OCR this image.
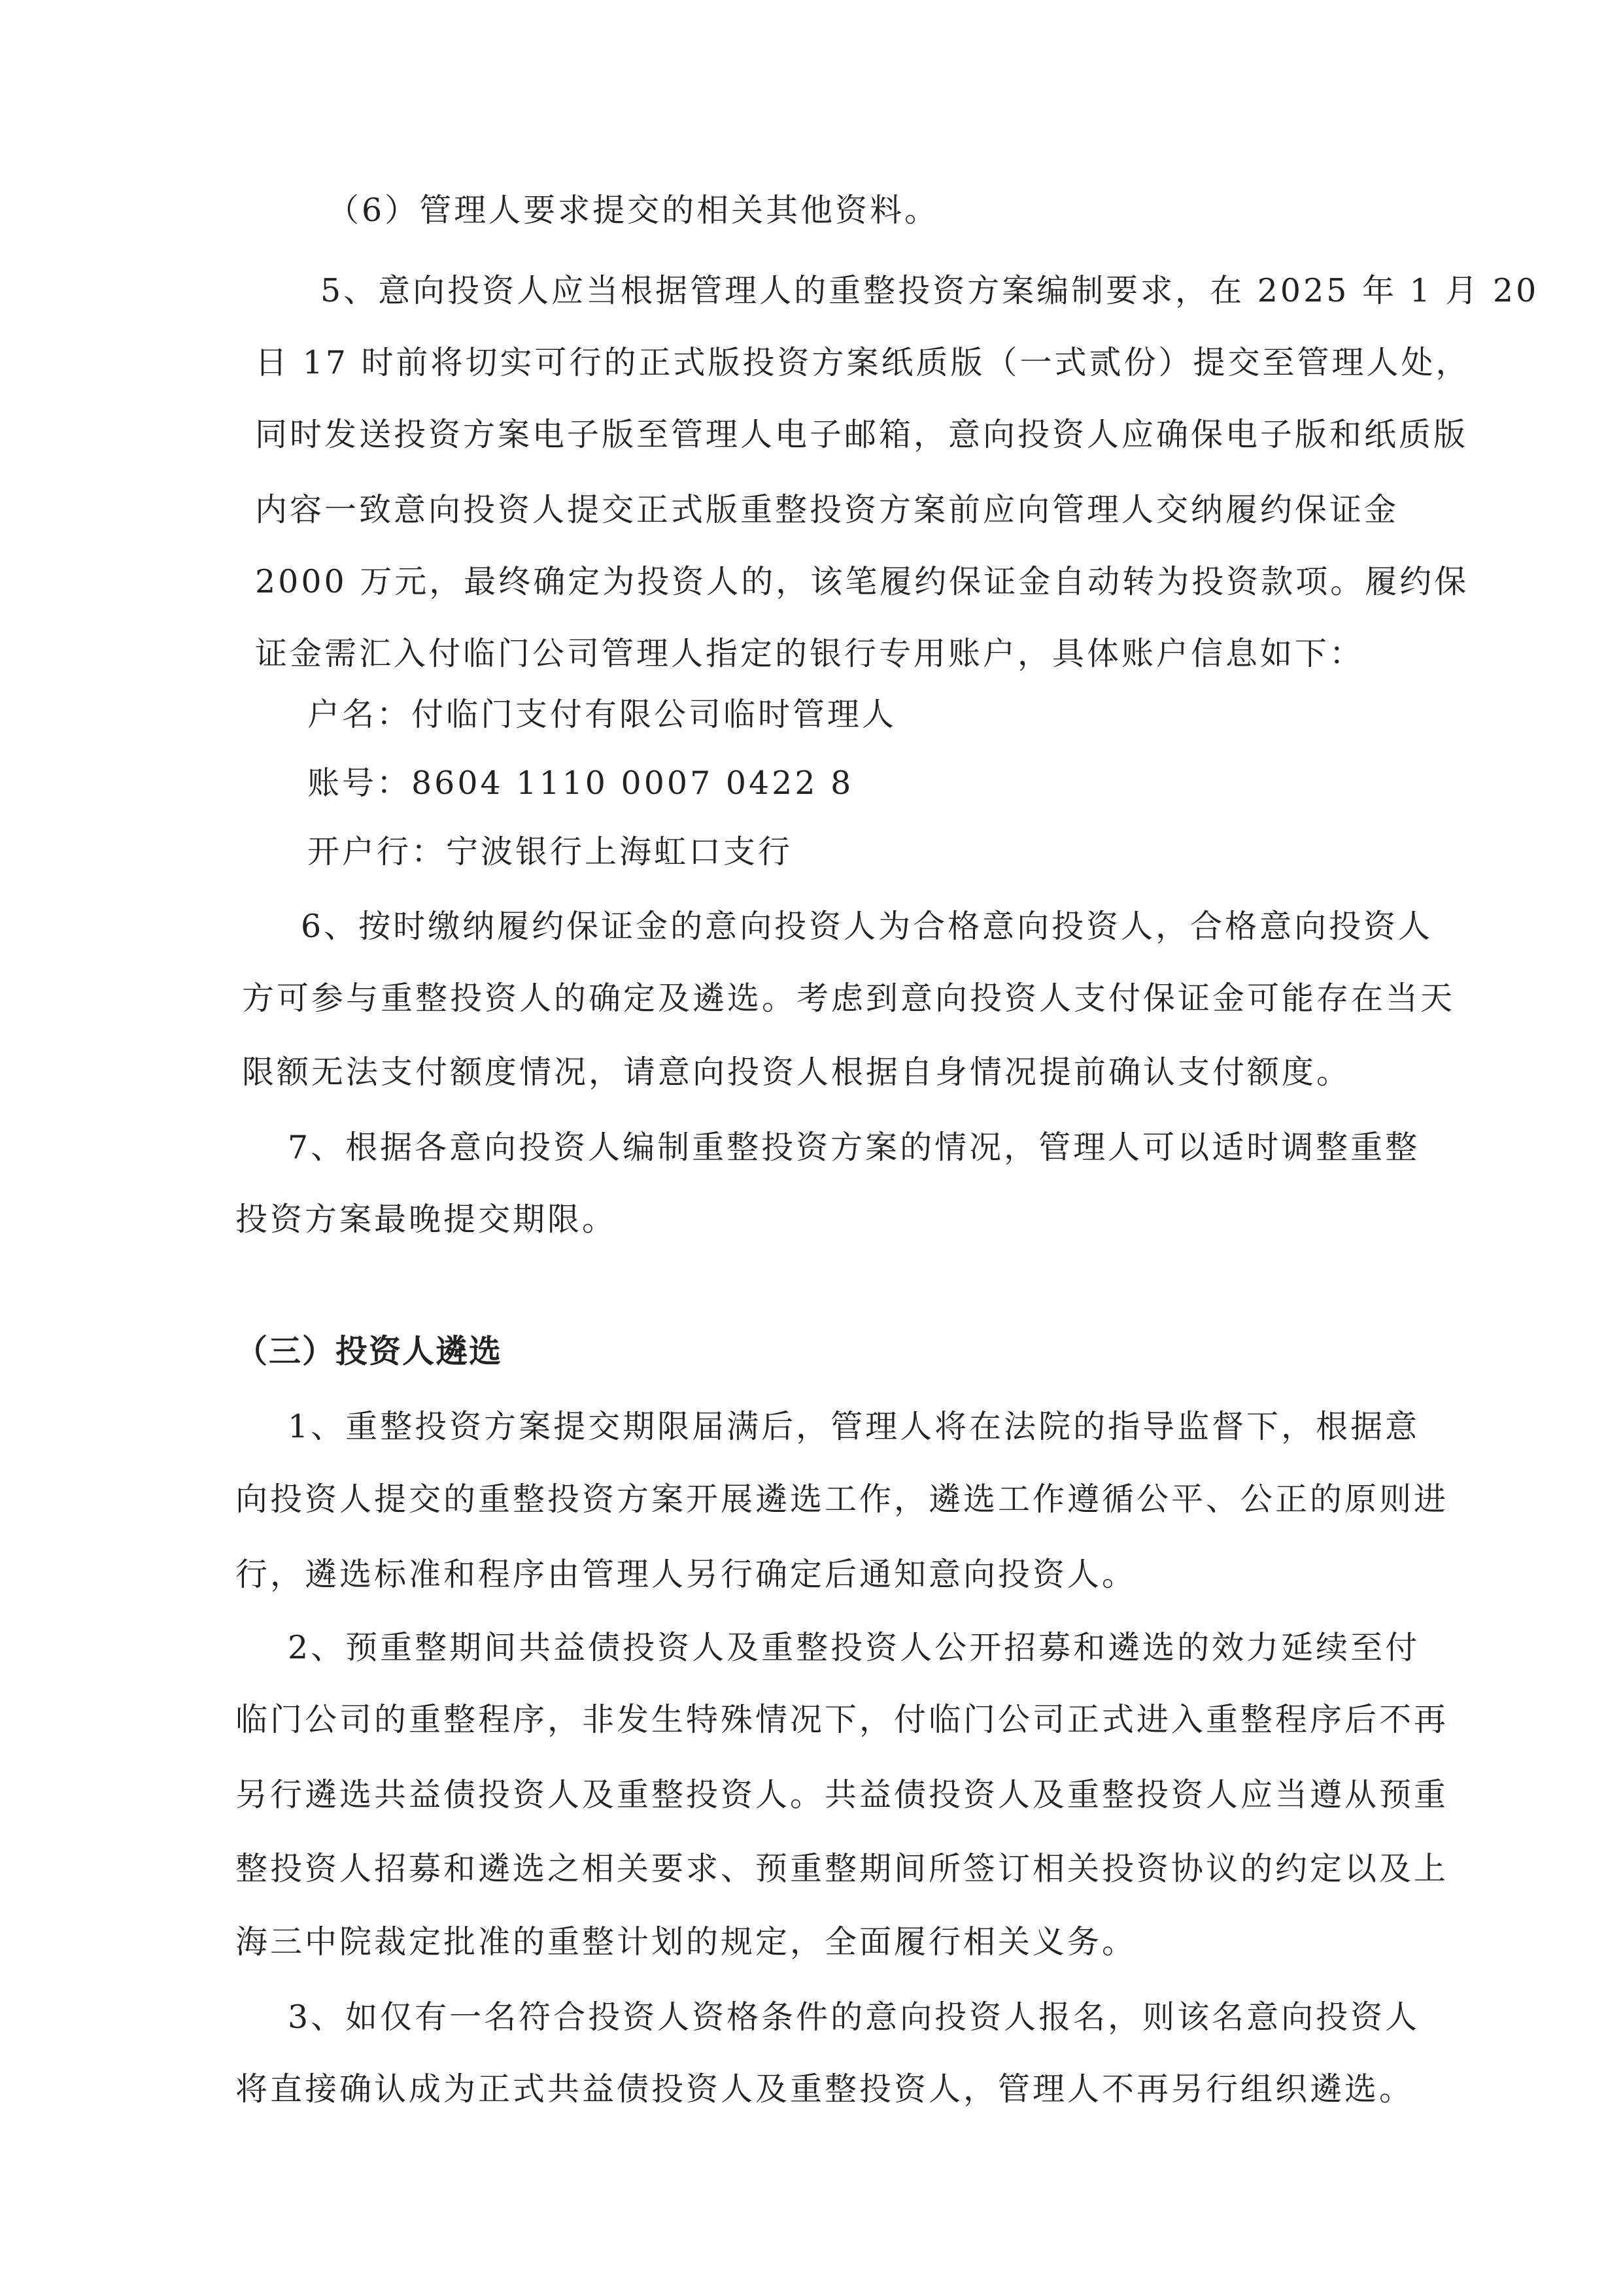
（6）管理人要求提交的相关其他资料。
5、意向投资人应当根据管理人的重整投资方案编制要求，在 2025 年 1 月 20
日 17 时前将切实可行的正式版投资方案纸质版（一式贰份）提交至管理人处，
同时发送投资方案电子版至管理人电子邮箱，意向投资人应确保电子版和纸质版
内容一致意向投资人提交正式版重整投资方案前应向管理人交纳履约保证金
2000 万元，最终确定为投资人的，该笔履约保证金自动转为投资款项。履约保
证金需汇入付临门公司管理人指定的银行专用账户，具体账户信息如下：
户名：付临门支付有限公司临时管理人
账号：8604 1110 0007 0422 8
开户行：宁波银行上海虹口支行
6、按时缴纳履约保证金的意向投资人为合格意向投资人，合格意向投资人
方可参与重整投资人的确定及遴选。考虑到意向投资人支付保证金可能存在当天
限额无法支付额度情况，请意向投资人根据自身情况提前确认支付额度。
7、根据各意向投资人编制重整投资方案的情况，管理人可以适时调整重整
投资方案最晚提交期限。
（三）投资人遴选
1、重整投资方案提交期限届满后，管理人将在法院的指导监督下，根据意
向投资人提交的重整投资方案开展遴选工作，遴选工作遵循公平、公正的原则进
行，遴选标准和程序由管理人另行确定后通知意向投资人。
2、预重整期间共益债投资人及重整投资人公开招募和遴选的效力延续至付
临门公司的重整程序，非发生特殊情况下，付临门公司正式进入重整程序后不再
另行遴选共益债投资人及重整投资人。共益债投资人及重整投资人应当遵从预重
整投资人招募和遴选之相关要求、预重整期间所签订相关投资协议的约定以及上
海三中院裁定批准的重整计划的规定，全面履行相关义务。
3、如仅有一名符合投资人资格条件的意向投资人报名，则该名意向投资人
将直接确认成为正式共益债投资人及重整投资人，管理人不再另行组织遴选。
